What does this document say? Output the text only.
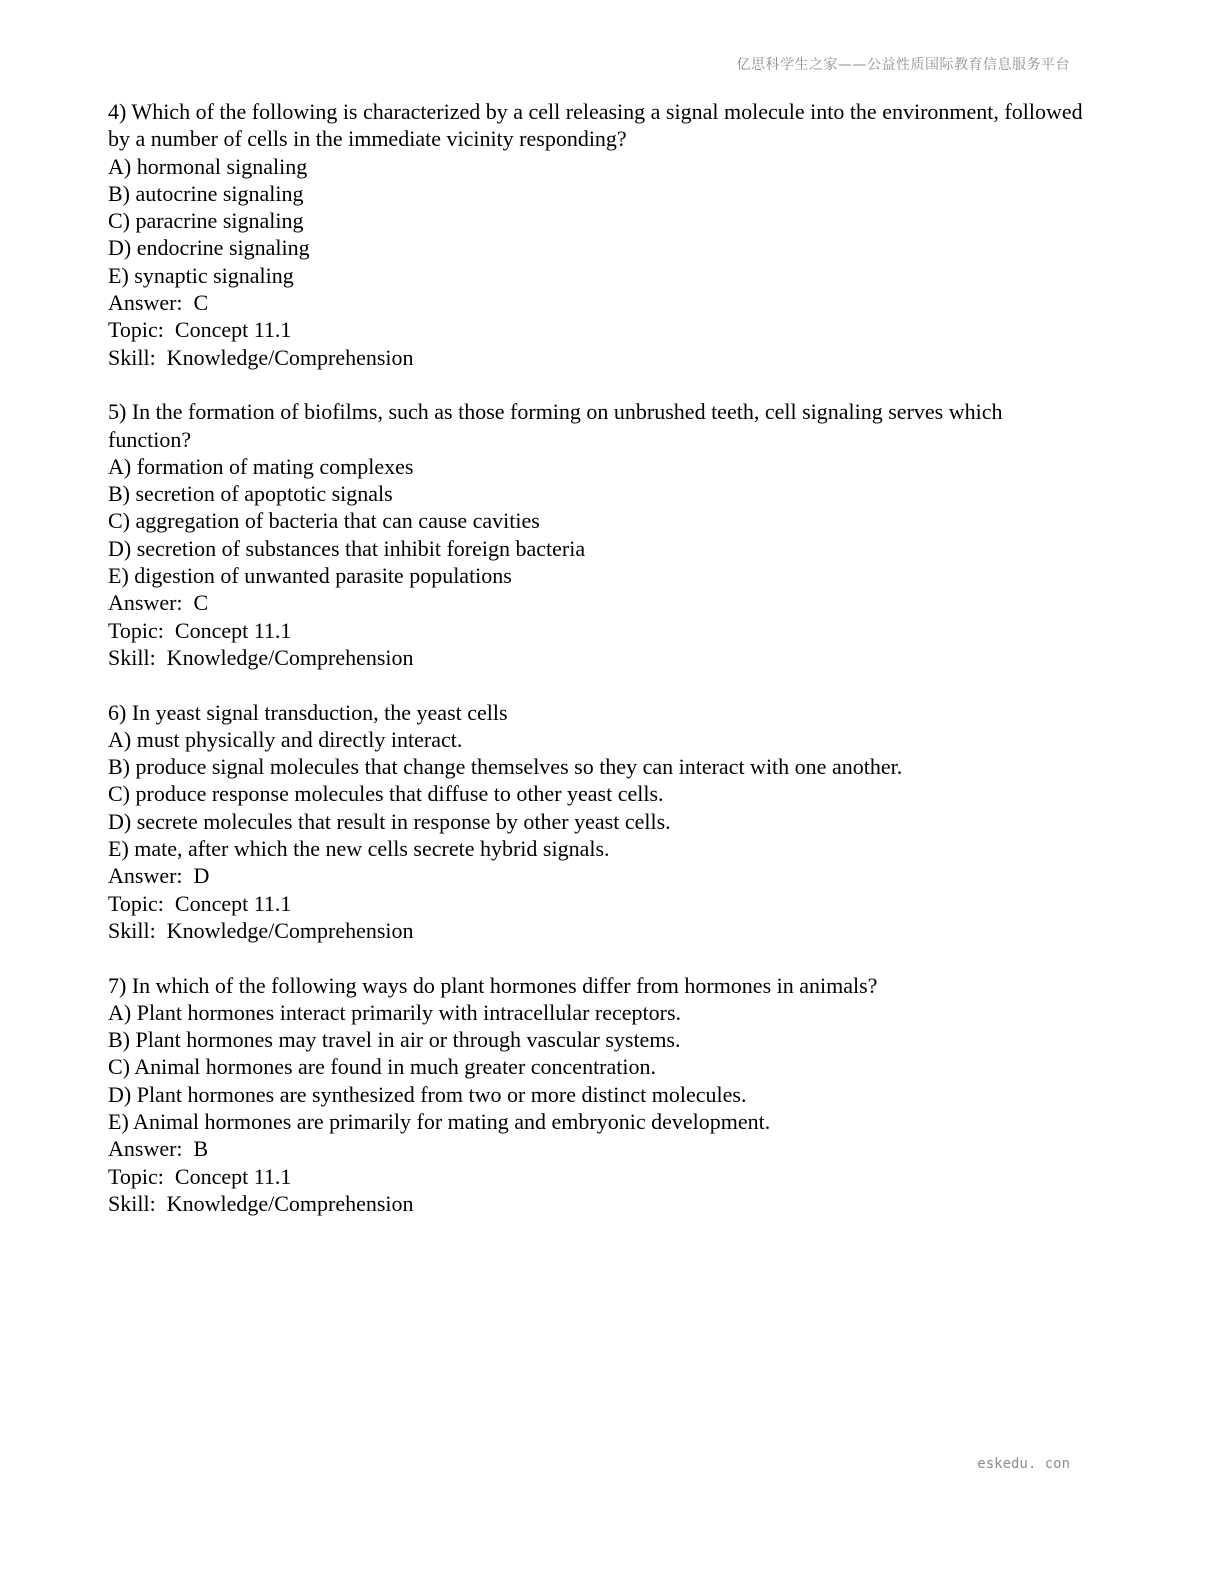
亿思科学生之家——公益性质国际教育信息服务平台
4) Which of the following is characterized by a cell releasing a signal molecule into the environment, followed by a number of cells in the immediate vicinity responding?
A) hormonal signaling
B) autocrine signaling
C) paracrine signaling
D) endocrine signaling
E) synaptic signaling
Answer:  C
Topic:  Concept 11.1
Skill:  Knowledge/Comprehension
5) In the formation of biofilms, such as those forming on unbrushed teeth, cell signaling serves which function?
A) formation of mating complexes
B) secretion of apoptotic signals
C) aggregation of bacteria that can cause cavities
D) secretion of substances that inhibit foreign bacteria
E) digestion of unwanted parasite populations
Answer:  C
Topic:  Concept 11.1
Skill:  Knowledge/Comprehension
6) In yeast signal transduction, the yeast cells
A) must physically and directly interact.
B) produce signal molecules that change themselves so they can interact with one another.
C) produce response molecules that diffuse to other yeast cells.
D) secrete molecules that result in response by other yeast cells.
E) mate, after which the new cells secrete hybrid signals.
Answer:  D
Topic:  Concept 11.1
Skill:  Knowledge/Comprehension
7) In which of the following ways do plant hormones differ from hormones in animals?
A) Plant hormones interact primarily with intracellular receptors.
B) Plant hormones may travel in air or through vascular systems.
C) Animal hormones are found in much greater concentration.
D) Plant hormones are synthesized from two or more distinct molecules.
E) Animal hormones are primarily for mating and embryonic development.
Answer:  B
Topic:  Concept 11.1
Skill:  Knowledge/Comprehension
eskedu. con
